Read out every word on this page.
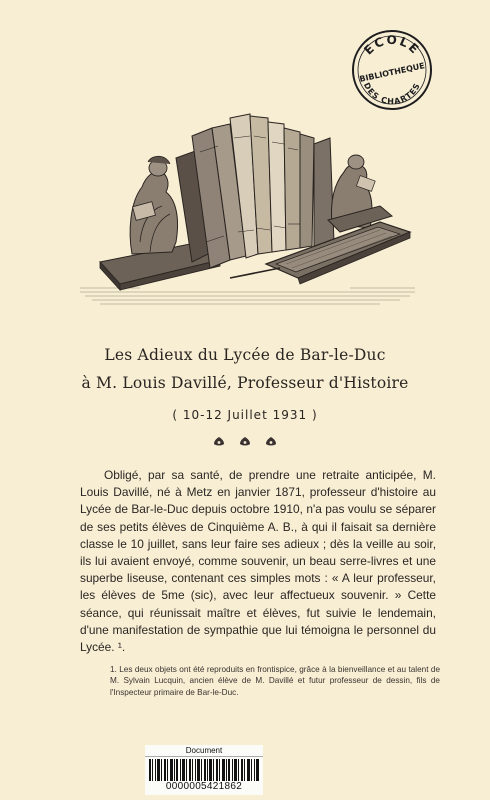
ECOLE
BIBLIOTHEQUE
DES CHARTES
Les Adieux du Lycée de Bar-le-Duc
à M. Louis Davillé, Professeur d'Histoire
( 10-12 Juillet 1931 )

Obligé, par sa santé, de prendre une retraite anticipée, M. Louis Davillé, né à Metz en janvier 1871, professeur d'histoire au Lycée de Bar-le-Duc depuis octobre 1910, n'a pas voulu se séparer de ses petits élèves de Cinquième A. B., à qui il faisait sa dernière classe le 10 juillet, sans leur faire ses adieux ; dès la veille au soir, ils lui avaient envoyé, comme souvenir, un beau serre-livres et une superbe liseuse, contenant ces simples mots : « A leur professeur, les élèves de 5me (sic), avec leur affectueux souvenir. » Cette séance, qui réunissait maître et élèves, fut suivie le lendemain, d'une manifestation de sympathie que lui témoigna le personnel du Lycée. ¹.

1. Les deux objets ont été reproduits en frontispice, grâce à la bienveillance et au talent de M. Sylvain Lucquin, ancien élève de M. Davillé et futur professeur de dessin, fils de l'Inspecteur primaire de Bar-le-Duc.
Document
0000005421862
